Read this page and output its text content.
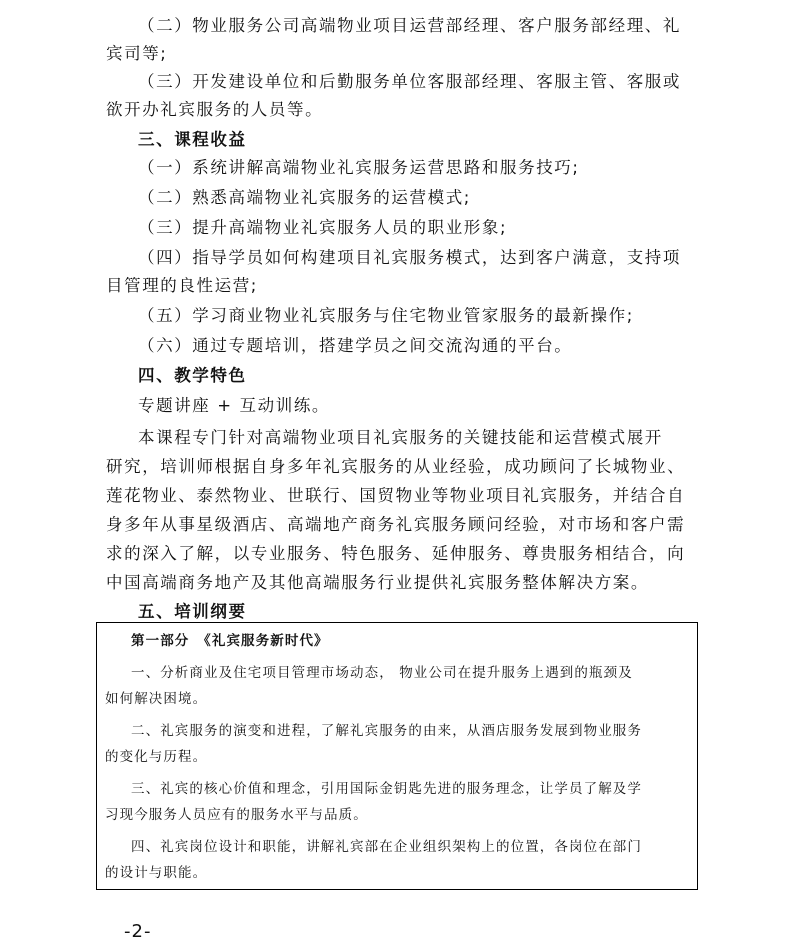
（二）物业服务公司高端物业项目运营部经理、客户服务部经理、礼
宾司等;
（三）开发建设单位和后勤服务单位客服部经理、客服主管、客服或
欲开办礼宾服务的人员等。
三、课程收益
（一）系统讲解高端物业礼宾服务运营思路和服务技巧;
（二）熟悉高端物业礼宾服务的运营模式;
（三）提升高端物业礼宾服务人员的职业形象;
（四）指导学员如何构建项目礼宾服务模式，达到客户满意，支持项
目管理的良性运营;
（五）学习商业物业礼宾服务与住宅物业管家服务的最新操作;
（六）通过专题培训，搭建学员之间交流沟通的平台。
四、教学特色
专题讲座 + 互动训练。
本课程专门针对高端物业项目礼宾服务的关键技能和运营模式展开
研究，培训师根据自身多年礼宾服务的从业经验，成功顾问了长城物业、
莲花物业、泰然物业、世联行、国贸物业等物业项目礼宾服务，并结合自
身多年从事星级酒店、高端地产商务礼宾服务顾问经验，对市场和客户需
求的深入了解，以专业服务、特色服务、延伸服务、尊贵服务相结合，向
中国高端商务地产及其他高端服务行业提供礼宾服务整体解决方案。
五、培训纲要
第一部分　《礼宾服务新时代》
一、分析商业及住宅项目管理市场动态， 物业公司在提升服务上遇到的瓶颈及
如何解决困境。
二、礼宾服务的演变和进程，了解礼宾服务的由来，从酒店服务发展到物业服务
的变化与历程。
三、礼宾的核心价值和理念，引用国际金钥匙先进的服务理念，让学员了解及学
习现今服务人员应有的服务水平与品质。
四、礼宾岗位设计和职能，讲解礼宾部在企业组织架构上的位置，各岗位在部门
的设计与职能。
-2-
